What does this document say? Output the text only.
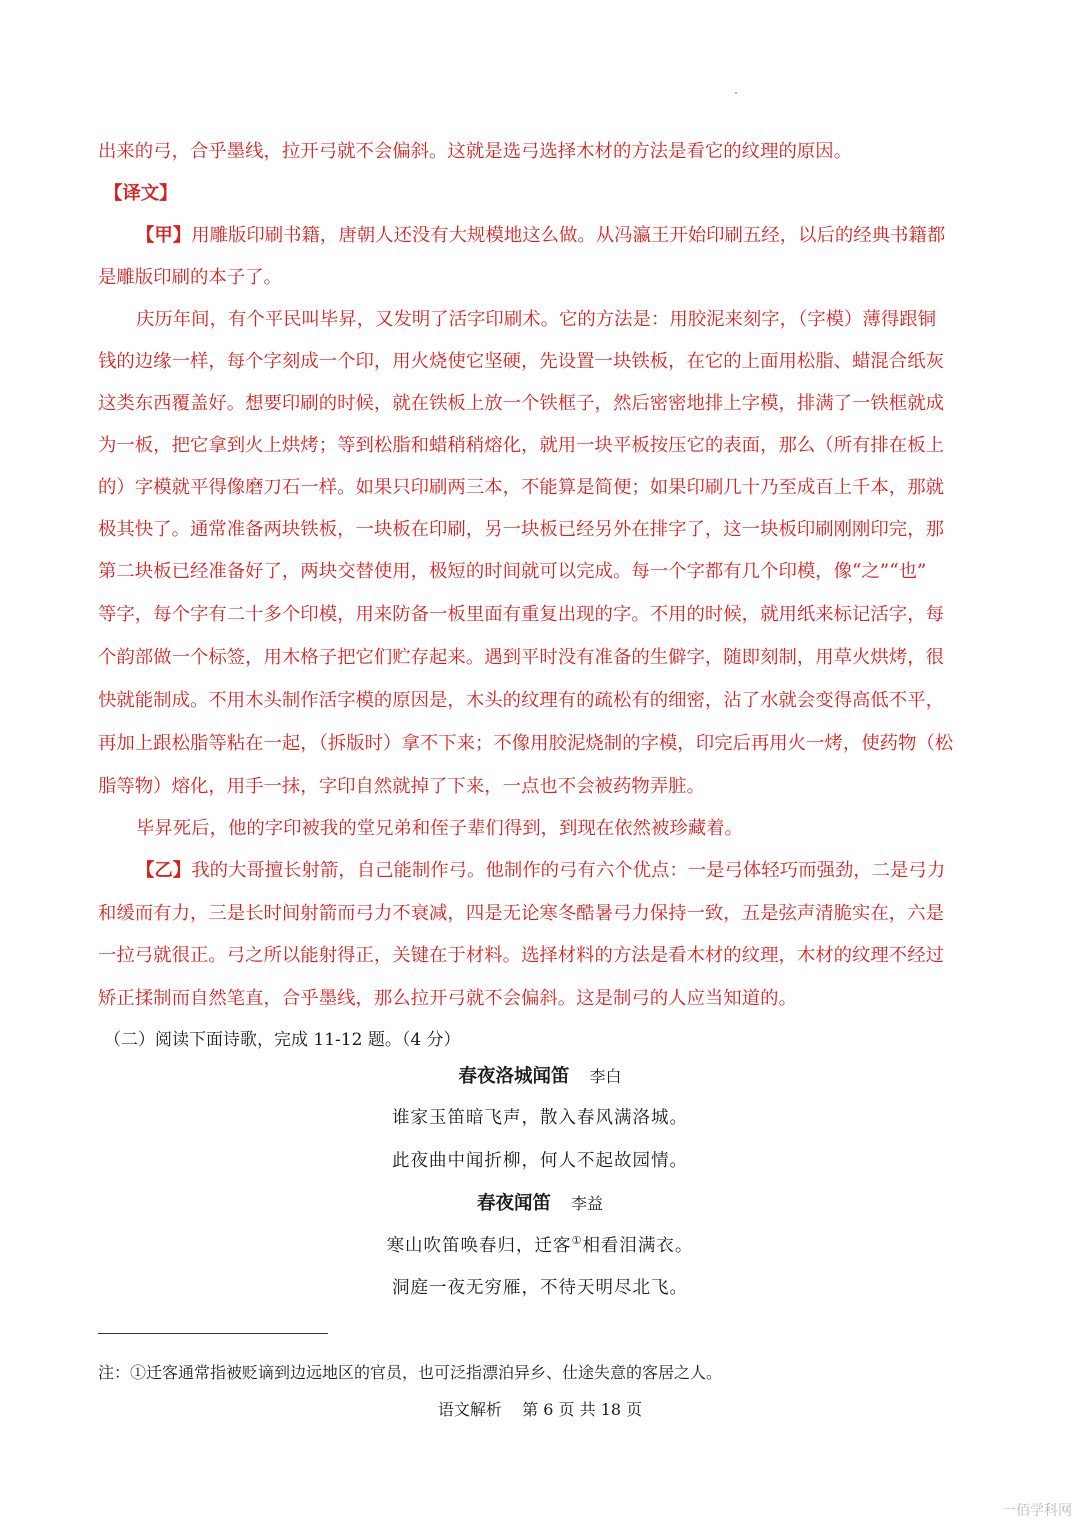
出来的弓，合乎墨线，拉开弓就不会偏斜。这就是选弓选择木材的方法是看它的纹理的原因。
【译文】
【甲】用雕版印刷书籍，唐朝人还没有大规模地这么做。从冯瀛王开始印刷五经，以后的经典书籍都
是雕版印刷的本子了。
庆历年间，有个平民叫毕昇，又发明了活字印刷术。它的方法是：用胶泥来刻字，（字模）薄得跟铜
钱的边缘一样，每个字刻成一个印，用火烧使它坚硬，先设置一块铁板，在它的上面用松脂、蜡混合纸灰
这类东西覆盖好。想要印刷的时候，就在铁板上放一个铁框子，然后密密地排上字模，排满了一铁框就成
为一板，把它拿到火上烘烤；等到松脂和蜡稍稍熔化，就用一块平板按压它的表面，那么（所有排在板上
的）字模就平得像磨刀石一样。如果只印刷两三本，不能算是简便；如果印刷几十乃至成百上千本，那就
极其快了。通常准备两块铁板，一块板在印刷，另一块板已经另外在排字了，这一块板印刷刚刚印完，那
第二块板已经准备好了，两块交替使用，极短的时间就可以完成。每一个字都有几个印模，像“之”“也”
等字，每个字有二十多个印模，用来防备一板里面有重复出现的字。不用的时候，就用纸来标记活字，每
个韵部做一个标签，用木格子把它们贮存起来。遇到平时没有准备的生僻字，随即刻制，用草火烘烤，很
快就能制成。不用木头制作活字模的原因是，木头的纹理有的疏松有的细密，沾了水就会变得高低不平，
再加上跟松脂等粘在一起，（拆版时）拿不下来；不像用胶泥烧制的字模，印完后再用火一烤，使药物（松
脂等物）熔化，用手一抹，字印自然就掉了下来，一点也不会被药物弄脏。
毕昇死后，他的字印被我的堂兄弟和侄子辈们得到，到现在依然被珍藏着。
【乙】我的大哥擅长射箭，自己能制作弓。他制作的弓有六个优点：一是弓体轻巧而强劲，二是弓力
和缓而有力，三是长时间射箭而弓力不衰减，四是无论寒冬酷暑弓力保持一致，五是弦声清脆实在，六是
一拉弓就很正。弓之所以能射得正，关键在于材料。选择材料的方法是看木材的纹理，木材的纹理不经过
矫正揉制而自然笔直，合乎墨线，那么拉开弓就不会偏斜。这是制弓的人应当知道的。
（二）阅读下面诗歌，完成 11-12 题。（4 分）
春夜洛城闻笛 李白
谁家玉笛暗飞声，散入春风满洛城。
此夜曲中闻折柳，何人不起故园情。
春夜闻笛 李益
寒山吹笛唤春归，迁客①相看泪满衣。
洞庭一夜无穷雁，不待天明尽北飞。
注：①迁客通常指被贬谪到边远地区的官员，也可泛指漂泊异乡、仕途失意的客居之人。
语文解析    第 6 页 共 18 页
一佰学科网
